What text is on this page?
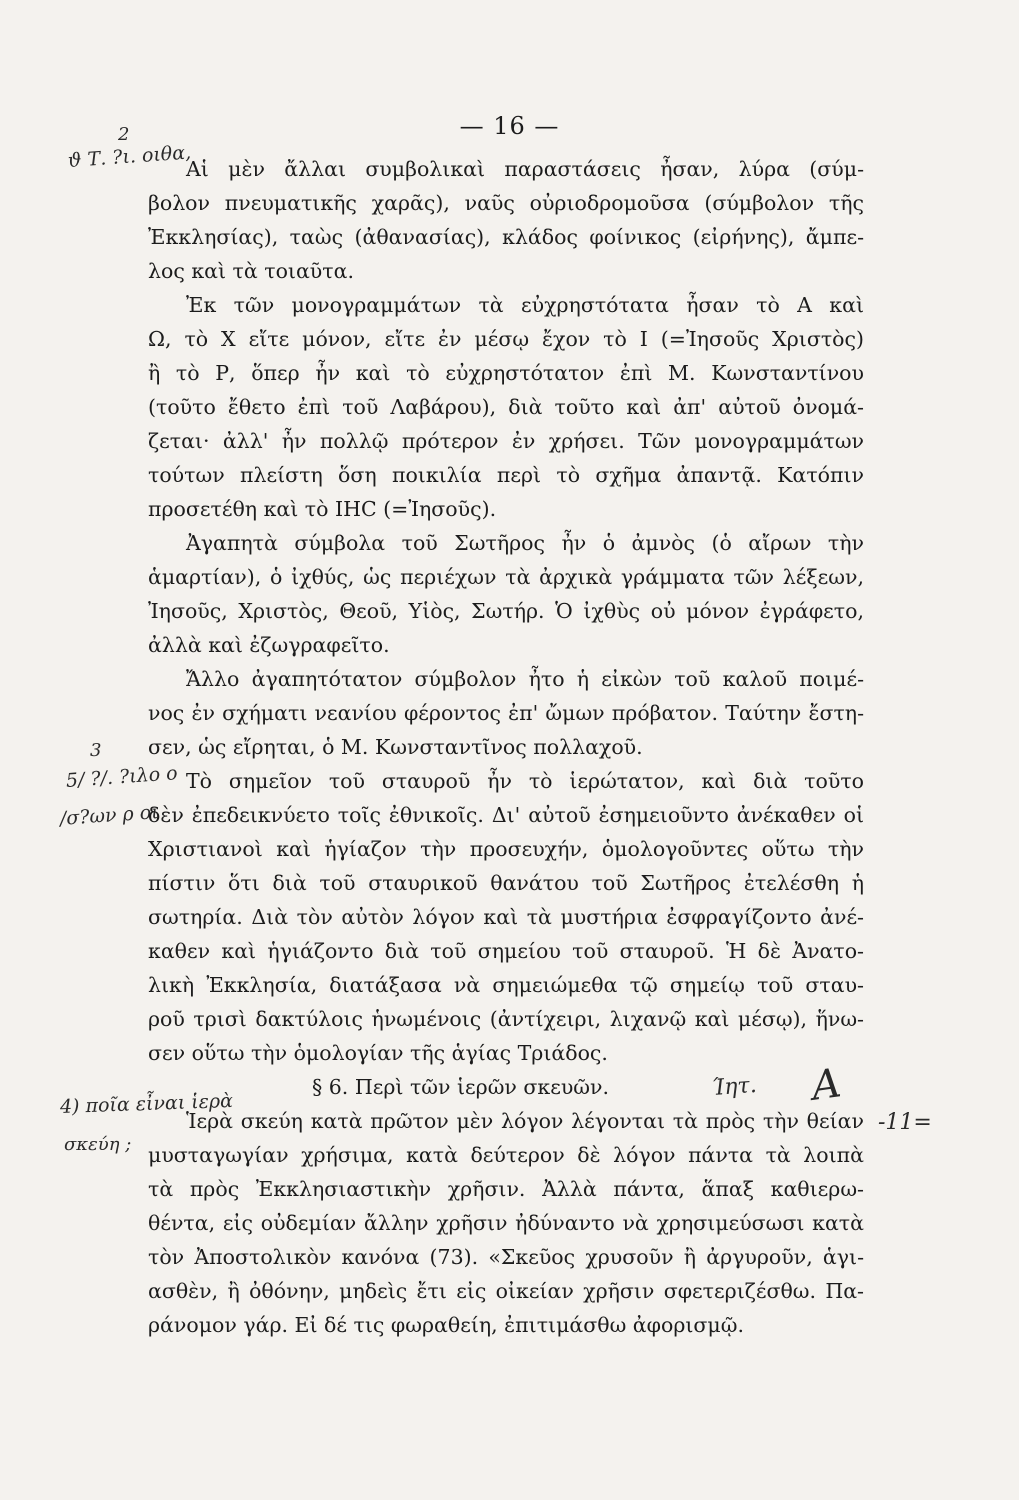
— 16 —
2
ϑ Τ. ?ι. οιθα,
3
5/ ?/. ?ιλο ο
/σ?ων ρ οι
4) ποῖα εἶναι ἱερὰ
σκεύη ;
Ίητ. Α
-11=
Αἱ μὲν ἄλλαι συμβολικαὶ παραστάσεις ἦσαν, λύρα (σύμ-
βολον πνευματικῆς χαρᾶς), ναῦς οὐριοδρομοῦσα (σύμβολον τῆς
Ἐκκλησίας), ταὼς (ἀθανασίας), κλάδος φοίνικος (εἰρήνης), ἄμπε-
λος καὶ τὰ τοιαῦτα.
Ἐκ τῶν μονογραμμάτων τὰ εὐχρηστότατα ἦσαν τὸ Α καὶ
Ω, τὸ Χ εἴτε μόνον, εἴτε ἐν μέσῳ ἔχον τὸ Ι (=Ἰησοῦς Χριστὸς)
ἢ τὸ Ρ, ὅπερ ἦν καὶ τὸ εὐχρηστότατον ἐπὶ Μ. Κωνσταντίνου
(τοῦτο ἔθετο ἐπὶ τοῦ Λαβάρου), διὰ τοῦτο καὶ ἀπ' αὐτοῦ ὀνομά-
ζεται· ἀλλ' ἦν πολλῷ πρότερον ἐν χρήσει. Τῶν μονογραμμάτων
τούτων πλείστη ὅση ποικιλία περὶ τὸ σχῆμα ἀπαντᾷ. Κατόπιν
προσετέθη καὶ τὸ ΙΗC (=Ἰησοῦς).
Ἀγαπητὰ σύμβολα τοῦ Σωτῆρος ἦν ὁ ἀμνὸς (ὁ αἴρων τὴν
ἁμαρτίαν), ὁ ἰχθύς, ὡς περιέχων τὰ ἀρχικὰ γράμματα τῶν λέξεων,
Ἰησοῦς, Χριστὸς, Θεοῦ, Υἱὸς, Σωτήρ. Ὁ ἰχθὺς οὐ μόνον ἐγράφετο,
ἀλλὰ καὶ ἐζωγραφεῖτο.
Ἄλλο ἀγαπητότατον σύμβολον ἦτο ἡ εἰκὼν τοῦ καλοῦ ποιμέ-
νος ἐν σχήματι νεανίου φέροντος ἐπ' ὤμων πρόβατον. Ταύτην ἔστη-
σεν, ὡς εἴρηται, ὁ Μ. Κωνσταντῖνος πολλαχοῦ.
Τὸ σημεῖον τοῦ σταυροῦ ἦν τὸ ἱερώτατον, καὶ διὰ τοῦτο
δὲν ἐπεδεικνύετο τοῖς ἐθνικοῖς. Δι' αὐτοῦ ἐσημειοῦντο ἀνέκαθεν οἱ
Χριστιανοὶ καὶ ἡγίαζον τὴν προσευχήν, ὁμολογοῦντες οὕτω τὴν
πίστιν ὅτι διὰ τοῦ σταυρικοῦ θανάτου τοῦ Σωτῆρος ἐτελέσθη ἡ
σωτηρία. Διὰ τὸν αὐτὸν λόγον καὶ τὰ μυστήρια ἐσφραγίζοντο ἀνέ-
καθεν καὶ ἡγιάζοντο διὰ τοῦ σημείου τοῦ σταυροῦ. Ἡ δὲ Ἀνατο-
λικὴ Ἐκκλησία, διατάξασα νὰ σημειώμεθα τῷ σημείῳ τοῦ σταυ-
ροῦ τρισὶ δακτύλοις ἡνωμένοις (ἀντίχειρι, λιχανῷ καὶ μέσῳ), ἥνω-
σεν οὕτω τὴν ὁμολογίαν τῆς ἁγίας Τριάδος.
§ 6. Περὶ τῶν ἱερῶν σκευῶν.
Ἱερὰ σκεύη κατὰ πρῶτον μὲν λόγον λέγονται τὰ πρὸς τὴν θείαν
μυσταγωγίαν χρήσιμα, κατὰ δεύτερον δὲ λόγον πάντα τὰ λοιπὰ
τὰ πρὸς Ἐκκλησιαστικὴν χρῆσιν. Ἀλλὰ πάντα, ἅπαξ καθιερω-
θέντα, εἰς οὐδεμίαν ἄλλην χρῆσιν ἠδύναντο νὰ χρησιμεύσωσι κατὰ
τὸν Ἀποστολικὸν κανόνα (73). «Σκεῦος χρυσοῦν ἢ ἀργυροῦν, ἁγι-
ασθὲν, ἢ ὀθόνην, μηδεὶς ἔτι εἰς οἰκείαν χρῆσιν σφετεριζέσθω. Πα-
ράνομον γάρ. Εἰ δέ τις φωραθείη, ἐπιτιμάσθω ἀφορισμῷ.
